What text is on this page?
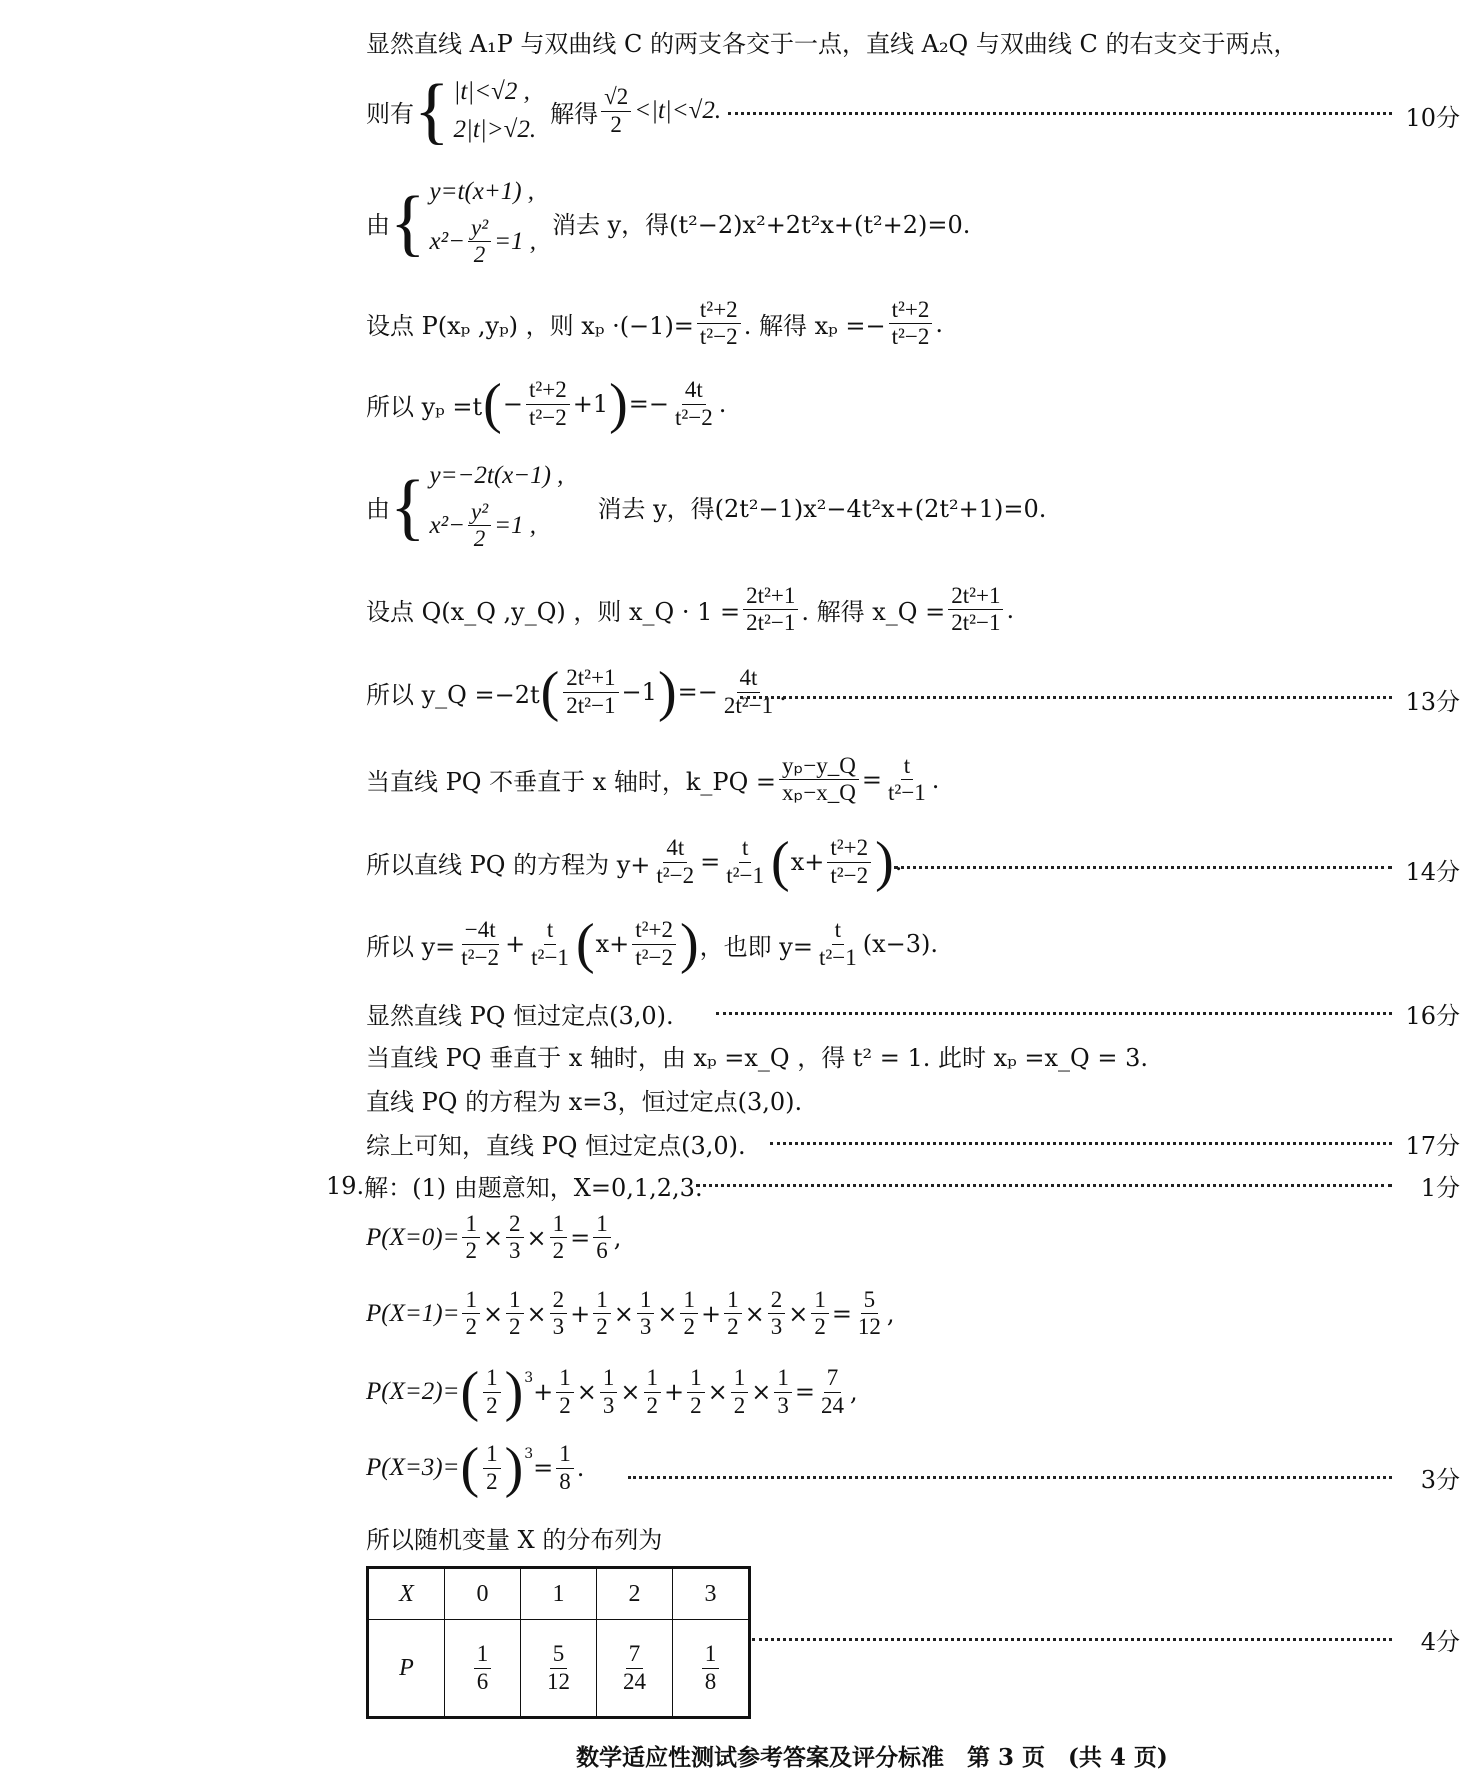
显然直线 A₁P 与双曲线 C 的两支各交于一点，直线 A₂Q 与双曲线 C 的右支交于两点，
则有 { |t|<√2 ,
2|t|>√2.
解得 $\frac{√2}{2} <|t|<√2$.	10分
由 { y=t(x+1) ,
$x^2- \frac{\text{y²}}{2} =1$ ,
消去 y，得(t²−2)x²+2t²x+(t²+2)=0.
设点 P(xₚ ,yₚ) ，则 $x_p \cdot(-1)= \frac{\text{t²+2}}{\text{t²−2}}$ . 解得 $x_p =- \frac{\text{t²+2}}{\text{t²−2}}$ .
所以 yₚ =t ( − $\frac{\text{t²+2}}{\text{t²−2}} +1$ ) =− $\frac{4t}{\text{t²−2}}$ .
由 { y=−2t(x−1) ,
$x^2- \frac{\text{y²}}{2} =1$ ,
消去 y，得(2t²−1)x²−4t²x+(2t²+1)=0.
设点 Q(x_Q ,y_Q) ，则 x_Q · $1 = \frac{\text{2t²+1}}{\text{2t²−1}}$ . 解得 x_Q = $\frac{\text{2t²+1}}{\text{2t²−1}}$ .
所以 y_Q =−2t ( $\frac{\text{2t²+1}}{\text{2t²−1}} -1$ ) =− $\frac{4t}{\text{2t²−1}}$ .	13分
当直线 PQ 不垂直于 x 轴时，k_PQ = $\frac{\text{yₚ−y\_Q}}{\text{xₚ−x\_Q}} = \frac{t}{\text{t²−1}}$ .
所以直线 PQ 的方程为 $y+ \frac{4t}{\text{t²−2}} = \frac{t}{\text{t²−1}}$ ( $x+ \frac{\text{t²+2}}{\text{t²−2}}$ ) .	14分
所以 $y= \frac{-4t}{\text{t²−2}} + \frac{t}{\text{t²−1}}$ ( $x+ \frac{\text{t²+2}}{\text{t²−2}}$ ) ，也即 $y= \frac{t}{\text{t²−1}} (x-3)$.
显然直线 PQ 恒过定点(3,0).	16分
当直线 PQ 垂直于 x 轴时，由 xₚ =x_Q ，得 t² = 1. 此时 xₚ =x_Q = 3.
直线 PQ 的方程为 x=3，恒过定点(3,0).
综上可知，直线 PQ 恒过定点(3,0).	17分
19. 解：(1) 由题意知，X=0,1,2,3.	1分
$P(X=0)= \frac{1}{2} \times \frac{2}{3} \times \frac{1}{2} = \frac{1}{6}$ ,
$P(X=1)= \frac{1}{2} \times \frac{1}{2} \times \frac{2}{3} + \frac{1}{2} \times \frac{1}{3} \times \frac{1}{2} + \frac{1}{2} \times \frac{2}{3} \times \frac{1}{2} = \frac{5}{12}$ ,
P(X=2)= ( $\frac{1}{2} )^3 + \frac{1}{2} \times \frac{1}{3} \times \frac{1}{2} + \frac{1}{2} \times \frac{1}{2} \times \frac{1}{3} = \frac{7}{24}$ ,
P(X=3)= ( $\frac{1}{2} )^3 = \frac{1}{8}$ .	3分
所以随机变量 X 的分布列为
X	0	1	2	3
P	$\frac{1}{6}$	$\frac{5}{12}$	$\frac{7}{24}$	$\frac{1}{8}$
4分
数学适应性测试参考答案及评分标准　第 3 页　(共 4 页)
